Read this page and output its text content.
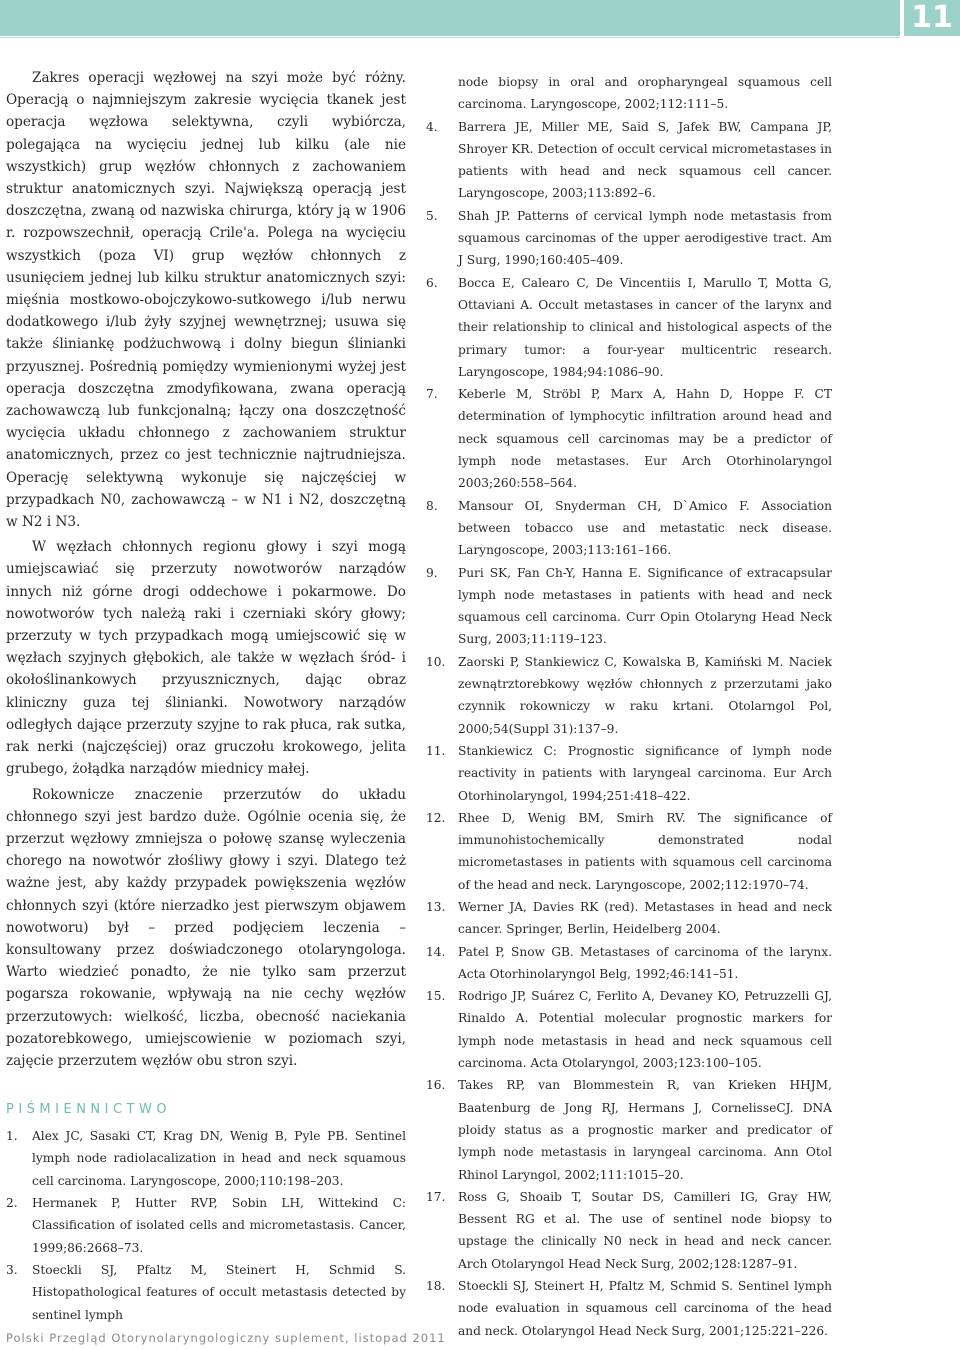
11

Zakres operacji węzłowej na szyi może być różny. Operacją o najmniejszym zakresie wycięcia tkanek jest operacja węzłowa selektywna, czyli wybiórcza, polegająca na wycięciu jednej lub kilku (ale nie wszystkich) grup węzłów chłonnych z zachowaniem struktur anatomicznych szyi. Największą operacją jest doszczętna, zwaną od nazwiska chirurga, który ją w 1906 r. rozpowszechnił, operacją Crile'a. Polega na wycięciu wszystkich (poza VI) grup węzłów chłonnych z usunięciem jednej lub kilku struktur anatomicznych szyi: mięśnia mostkowo-obojczykowo-sutkowego i/lub nerwu dodatkowego i/lub żyły szyjnej wewnętrznej; usuwa się także śliniankę podżuchwową i dolny biegun ślinianki przyusznej. Pośrednią pomiędzy wymienionymi wyżej jest operacja doszczętna zmodyfikowana, zwana operacją zachowawczą lub funkcjonalną; łączy ona doszczętność wycięcia układu chłonnego z zachowaniem struktur anatomicznych, przez co jest technicznie najtrudniejsza. Operację selektywną wykonuje się najczęściej w przypadkach N0, zachowawczą – w N1 i N2, doszczętną w N2 i N3.

W węzłach chłonnych regionu głowy i szyi mogą umiejscawiać się przerzuty nowotworów narządów innych niż górne drogi oddechowe i pokarmowe. Do nowotworów tych należą raki i czerniaki skóry głowy; przerzuty w tych przypadkach mogą umiejscowić się w węzłach szyjnych głębokich, ale także w węzłach śród- i okołoślinankowych przyusznicznych, dając obraz kliniczny guza tej ślinianki. Nowotwory narządów odległych dające przerzuty szyjne to rak płuca, rak sutka, rak nerki (najczęściej) oraz gruczołu krokowego, jelita grubego, żołądka narządów miednicy małej.

Rokownicze znaczenie przerzutów do układu chłonnego szyi jest bardzo duże. Ogólnie ocenia się, że przerzut węzłowy zmniejsza o połowę szansę wyleczenia chorego na nowotwór złośliwy głowy i szyi. Dlatego też ważne jest, aby każdy przypadek powiększenia węzłów chłonnych szyi (które nierzadko jest pierwszym objawem nowotworu) był – przed podjęciem leczenia – konsultowany przez doświadczonego otolaryngologa. Warto wiedzieć ponadto, że nie tylko sam przerzut pogarsza rokowanie, wpływają na nie cechy węzłów przerzutowych: wielkość, liczba, obecność naciekania pozatorebkowego, umiejscowienie w poziomach szyi, zajęcie przerzutem węzłów obu stron szyi.

PIŚMIENNICTWO
1. Alex JC, Sasaki CT, Krag DN, Wenig B, Pyle PB. Sentinel lymph node radiolacalization in head and neck squamous cell carcinoma. Laryngoscope, 2000;110:198–203.
2. Hermanek P, Hutter RVP, Sobin LH, Wittekind C: Classification of isolated cells and micrometastasis. Cancer, 1999;86:2668–73.
3. Stoeckli SJ, Pfaltz M, Steinert H, Schmid S. Histopathological features of occult metastasis detected by sentinel lymph

node biopsy in oral and oropharyngeal squamous cell carcinoma. Laryngoscope, 2002;112:111–5.

4. Barrera JE, Miller ME, Said S, Jafek BW, Campana JP, Shroyer KR. Detection of occult cervical micrometastases in patients with head and neck squamous cell cancer. Laryngoscope, 2003;113:892–6.
5. Shah JP. Patterns of cervical lymph node metastasis from squamous carcinomas of the upper aerodigestive tract. Am J Surg, 1990;160:405–409.
6. Bocca E, Calearo C, De Vincentiis I, Marullo T, Motta G, Ottaviani A. Occult metastases in cancer of the larynx and their relationship to clinical and histological aspects of the primary tumor: a four-year multicentric research. Laryngoscope, 1984;94:1086–90.
7. Keberle M, Ströbl P, Marx A, Hahn D, Hoppe F. CT determination of lymphocytic infiltration around head and neck squamous cell carcinomas may be a predictor of lymph node metastases. Eur Arch Otorhinolaryngol 2003;260:558–564.
8. Mansour OI, Snyderman CH, D`Amico F. Association between tobacco use and metastatic neck disease. Laryngoscope, 2003;113:161–166.
9. Puri SK, Fan Ch-Y, Hanna E. Significance of extracapsular lymph node metastases in patients with head and neck squamous cell carcinoma. Curr Opin Otolaryng Head Neck Surg, 2003;11:119–123.
10. Zaorski P, Stankiewicz C, Kowalska B, Kamiński M. Naciek zewnątrztorebkowy węzłów chłonnych z przerzutami jako czynnik rokowniczy w raku krtani. Otolarngol Pol, 2000;54(Suppl 31):137–9.
11. Stankiewicz C: Prognostic significance of lymph node reactivity in patients with laryngeal carcinoma. Eur Arch Otorhinolaryngol, 1994;251:418–422.
12. Rhee D, Wenig BM, Smirh RV. The significance of immunohistochemically demonstrated nodal micrometastases in patients with squamous cell carcinoma of the head and neck. Laryngoscope, 2002;112:1970–74.
13. Werner JA, Davies RK (red). Metastases in head and neck cancer. Springer, Berlin, Heidelberg 2004.
14. Patel P, Snow GB. Metastases of carcinoma of the larynx. Acta Otorhinolaryngol Belg, 1992;46:141–51.
15. Rodrigo JP, Suárez C, Ferlito A, Devaney KO, Petruzzelli GJ, Rinaldo A. Potential molecular prognostic markers for lymph node metastasis in head and neck squamous cell carcinoma. Acta Otolaryngol, 2003;123:100–105.
16. Takes RP, van Blommestein R, van Krieken HHJM, Baatenburg de Jong RJ, Hermans J, CornelisseCJ. DNA ploidy status as a prognostic marker and predicator of lymph node metastasis in laryngeal carcinoma. Ann Otol Rhinol Laryngol, 2002;111:1015–20.
17. Ross G, Shoaib T, Soutar DS, Camilleri IG, Gray HW, Bessent RG et al. The use of sentinel node biopsy to upstage the clinically N0 neck in head and neck cancer. Arch Otolaryngol Head Neck Surg, 2002;128:1287–91.
18. Stoeckli SJ, Steinert H, Pfaltz M, Schmid S. Sentinel lymph node evaluation in squamous cell carcinoma of the head and neck. Otolaryngol Head Neck Surg, 2001;125:221–226.
Polski Przegląd Otorynolaryngologiczny suplement, listopad 2011
